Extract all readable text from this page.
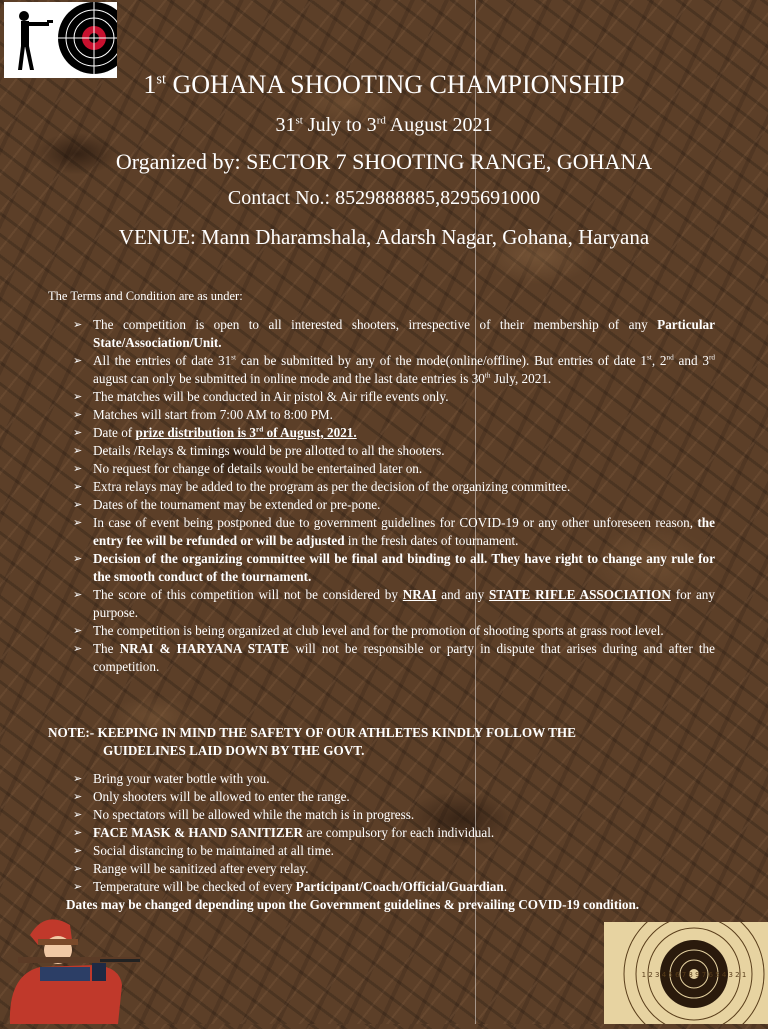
1st GOHANA SHOOTING CHAMPIONSHIP
31st July to 3rd August 2021
Organized by: SECTOR 7 SHOOTING RANGE, GOHANA
Contact No.: 8529888885,8295691000
VENUE: Mann Dharamshala, Adarsh Nagar, Gohana, Haryana
The Terms and Condition are as under:
➢ The competition is open to all interested shooters, irrespective of their membership of any Particular State/Association/Unit.
➢ All the entries of date 31st can be submitted by any of the mode(online/offline). But entries of date 1st, 2nd and 3rd august can only be submitted in online mode and the last date entries is 30th July, 2021.
➢ The matches will be conducted in Air pistol & Air rifle events only.
➢ Matches will start from 7:00 AM to 8:00 PM.
➢ Date of prize distribution is 3rd of August, 2021.
➢ Details /Relays & timings would be pre allotted to all the shooters.
➢ No request for change of details would be entertained later on.
➢ Extra relays may be added to the program as per the decision of the organizing committee.
➢ Dates of the tournament may be extended or pre-pone.
➢ In case of event being postponed due to government guidelines for COVID-19 or any other unforeseen reason, the entry fee will be refunded or will be adjusted in the fresh dates of tournament.
➢ Decision of the organizing committee will be final and binding to all. They have right to change any rule for the smooth conduct of the tournament.
➢ The score of this competition will not be considered by NRAI and any STATE RIFLE ASSOCIATION for any purpose.
➢ The competition is being organized at club level and for the promotion of shooting sports at grass root level.
➢ The NRAI & HARYANA STATE will not be responsible or party in dispute that arises during and after the competition.
NOTE:- KEEPING IN MIND THE SAFETY OF OUR ATHLETES KINDLY FOLLOW THE
GUIDELINES LAID DOWN BY THE GOVT.
➢ Bring your water bottle with you.
➢ Only shooters will be allowed to enter the range.
➢ No spectators will be allowed while the match is in progress.
➢ FACE MASK & HAND SANITIZER are compulsory for each individual.
➢ Social distancing to be maintained at all time.
➢ Range will be sanitized after every relay.
➢ Temperature will be checked of every Participant/Coach/Official/Guardian.
Dates may be changed depending upon the Government guidelines & prevailing COVID-19 condition.
1 2 3 4 5 6 7 8 9 7 6 5 4 3 2 1
